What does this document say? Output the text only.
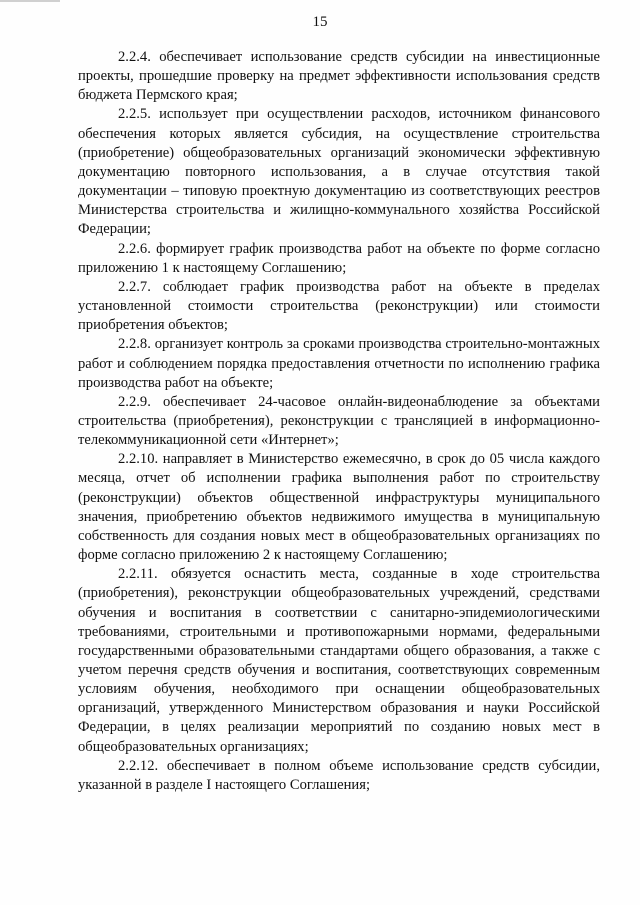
15

2.2.4. обеспечивает использование средств субсидии на инвестиционные проекты, прошедшие проверку на предмет эффективности использования средств бюджета Пермского края;

2.2.5. использует при осуществлении расходов, источником финансового обеспечения которых является субсидия, на осуществление строительства (приобретение) общеобразовательных организаций экономически эффективную документацию повторного использования, а в случае отсутствия такой документации – типовую проектную документацию из соответствующих реестров Министерства строительства и жилищно-коммунального хозяйства Российской Федерации;

2.2.6. формирует график производства работ на объекте по форме согласно приложению 1 к настоящему Соглашению;

2.2.7. соблюдает график производства работ на объекте в пределах установленной стоимости строительства (реконструкции) или стоимости приобретения объектов;

2.2.8. организует контроль за сроками производства строительно-монтажных работ и соблюдением порядка предоставления отчетности по исполнению графика производства работ на объекте;

2.2.9. обеспечивает 24-часовое онлайн-видеонаблюдение за объектами строительства (приобретения), реконструкции с трансляцией в информационно-телекоммуникационной сети «Интернет»;

2.2.10. направляет в Министерство ежемесячно, в срок до 05 числа каждого месяца, отчет об исполнении графика выполнения работ по строительству (реконструкции) объектов общественной инфраструктуры муниципального значения, приобретению объектов недвижимого имущества в муниципальную собственность для создания новых мест в общеобразовательных организациях по форме согласно приложению 2 к настоящему Соглашению;

2.2.11. обязуется оснастить места, созданные в ходе строительства (приобретения), реконструкции общеобразовательных учреждений, средствами обучения и воспитания в соответствии с санитарно-эпидемиологическими требованиями, строительными и противопожарными нормами, федеральными государственными образовательными стандартами общего образования, а также с учетом перечня средств обучения и воспитания, соответствующих современным условиям обучения, необходимого при оснащении общеобразовательных организаций, утвержденного Министерством образования и науки Российской Федерации, в целях реализации мероприятий по созданию новых мест в общеобразовательных организациях;

2.2.12. обеспечивает в полном объеме использование средств субсидии, указанной в разделе I настоящего Соглашения;
